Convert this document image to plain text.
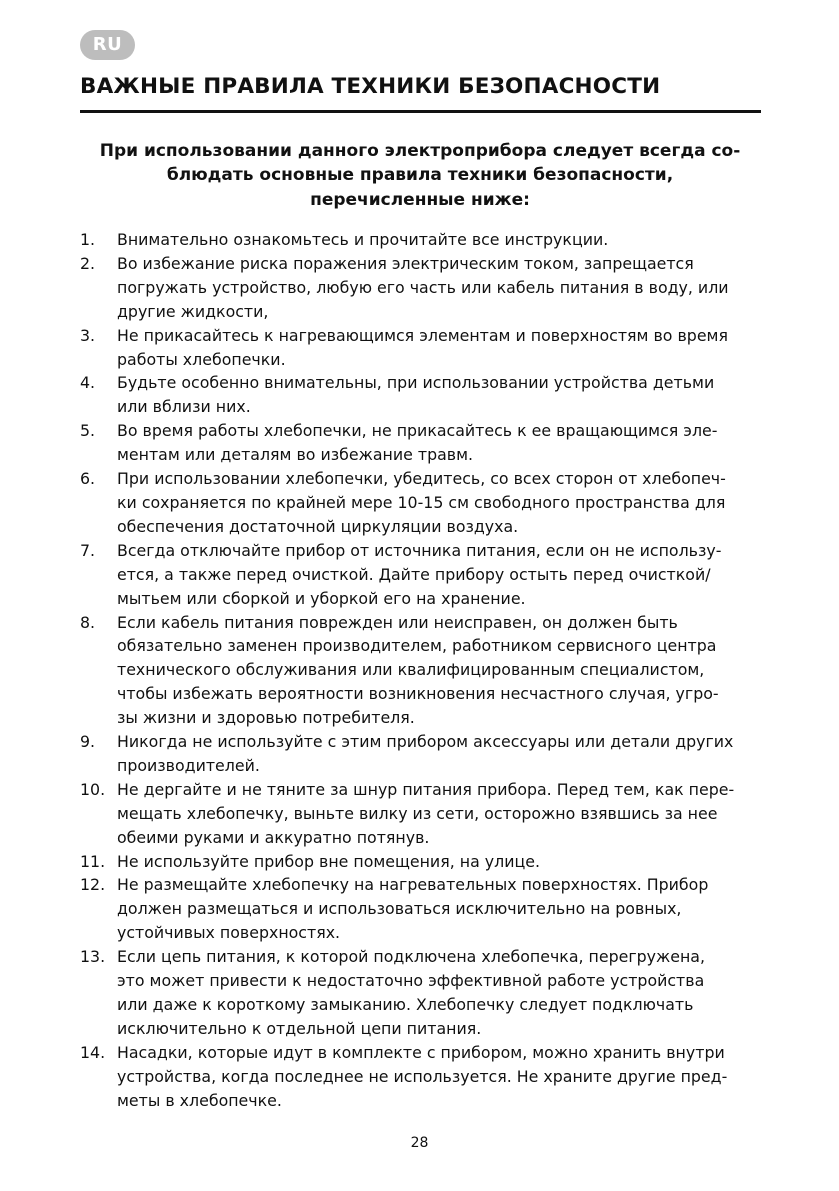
RU
ВАЖНЫЕ ПРАВИЛА ТЕХНИКИ БЕЗОПАСНОСТИ

При использовании данного электроприбора следует всегда со-
блюдать основные правила техники безопасности,
перечисленные ниже:

1. Внимательно ознакомьтесь и прочитайте все инструкции.
2. Во избежание риска поражения электрическим током, запрещается
погружать устройство, любую его часть или кабель питания в воду, или
другие жидкости,
3. Не прикасайтесь к нагревающимся элементам и поверхностям во время
работы хлебопечки.
4. Будьте особенно внимательны, при использовании устройства детьми
или вблизи них.
5. Во время работы хлебопечки, не прикасайтесь к ее вращающимся эле-
ментам или деталям во избежание травм.
6. При использовании хлебопечки, убедитесь, со всех сторон от хлебопеч-
ки сохраняется по крайней мере 10-15 см свободного пространства для
обеспечения достаточной циркуляции воздуха.
7. Всегда отключайте прибор от источника питания, если он не использу-
ется, а также перед очисткой. Дайте прибору остыть перед очисткой/
мытьем или сборкой и уборкой его на хранение.
8. Если кабель питания поврежден или неисправен, он должен быть
обязательно заменен производителем, работником сервисного центра
технического обслуживания или квалифицированным специалистом,
чтобы избежать вероятности возникновения несчастного случая, угро-
зы жизни и здоровью потребителя.
9. Никогда не используйте с этим прибором аксессуары или детали других
производителей.
10. Не дергайте и не тяните за шнур питания прибора. Перед тем, как пере-
мещать хлебопечку, выньте вилку из сети, осторожно взявшись за нее
обеими руками и аккуратно потянув.
11. Не используйте прибор вне помещения, на улице.
12. Не размещайте хлебопечку на нагревательных поверхностях. Прибор
должен размещаться и использоваться исключительно на ровных,
устойчивых поверхностях.
13. Если цепь питания, к которой подключена хлебопечка, перегружена,
это может привести к недостаточно эффективной работе устройства
или даже к короткому замыканию. Хлебопечку следует подключать
исключительно к отдельной цепи питания.
14. Насадки, которые идут в комплекте с прибором, можно хранить внутри
устройства, когда последнее не используется. Не храните другие пред-
меты в хлебопечке.
28
